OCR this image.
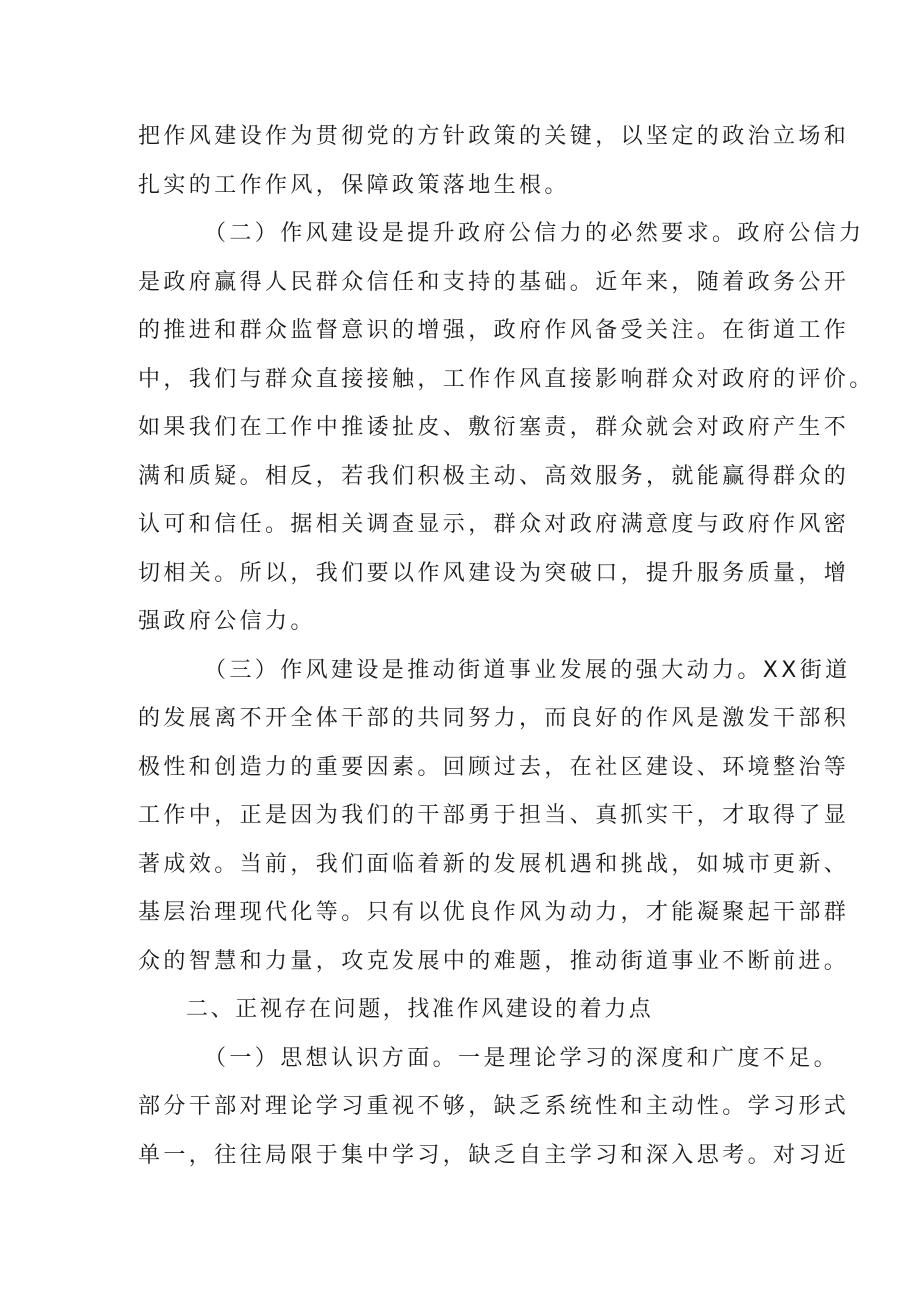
把作风建设作为贯彻党的方针政策的关键，以坚定的政治立场和
扎实的工作作风，保障政策落地生根。
（二）作风建设是提升政府公信力的必然要求。政府公信力
是政府赢得人民群众信任和支持的基础。近年来，随着政务公开
的推进和群众监督意识的增强，政府作风备受关注。在街道工作
中，我们与群众直接接触，工作作风直接影响群众对政府的评价。
如果我们在工作中推诿扯皮、敷衍塞责，群众就会对政府产生不
满和质疑。相反，若我们积极主动、高效服务，就能赢得群众的
认可和信任。据相关调查显示，群众对政府满意度与政府作风密
切相关。所以，我们要以作风建设为突破口，提升服务质量，增
强政府公信力。
（三）作风建设是推动街道事业发展的强大动力。XX街道
的发展离不开全体干部的共同努力，而良好的作风是激发干部积
极性和创造力的重要因素。回顾过去，在社区建设、环境整治等
工作中，正是因为我们的干部勇于担当、真抓实干，才取得了显
著成效。当前，我们面临着新的发展机遇和挑战，如城市更新、
基层治理现代化等。只有以优良作风为动力，才能凝聚起干部群
众的智慧和力量，攻克发展中的难题，推动街道事业不断前进。
二、正视存在问题，找准作风建设的着力点
（一）思想认识方面。一是理论学习的深度和广度不足。
部分干部对理论学习重视不够，缺乏系统性和主动性。学习形式
单一，往往局限于集中学习，缺乏自主学习和深入思考。对习近
